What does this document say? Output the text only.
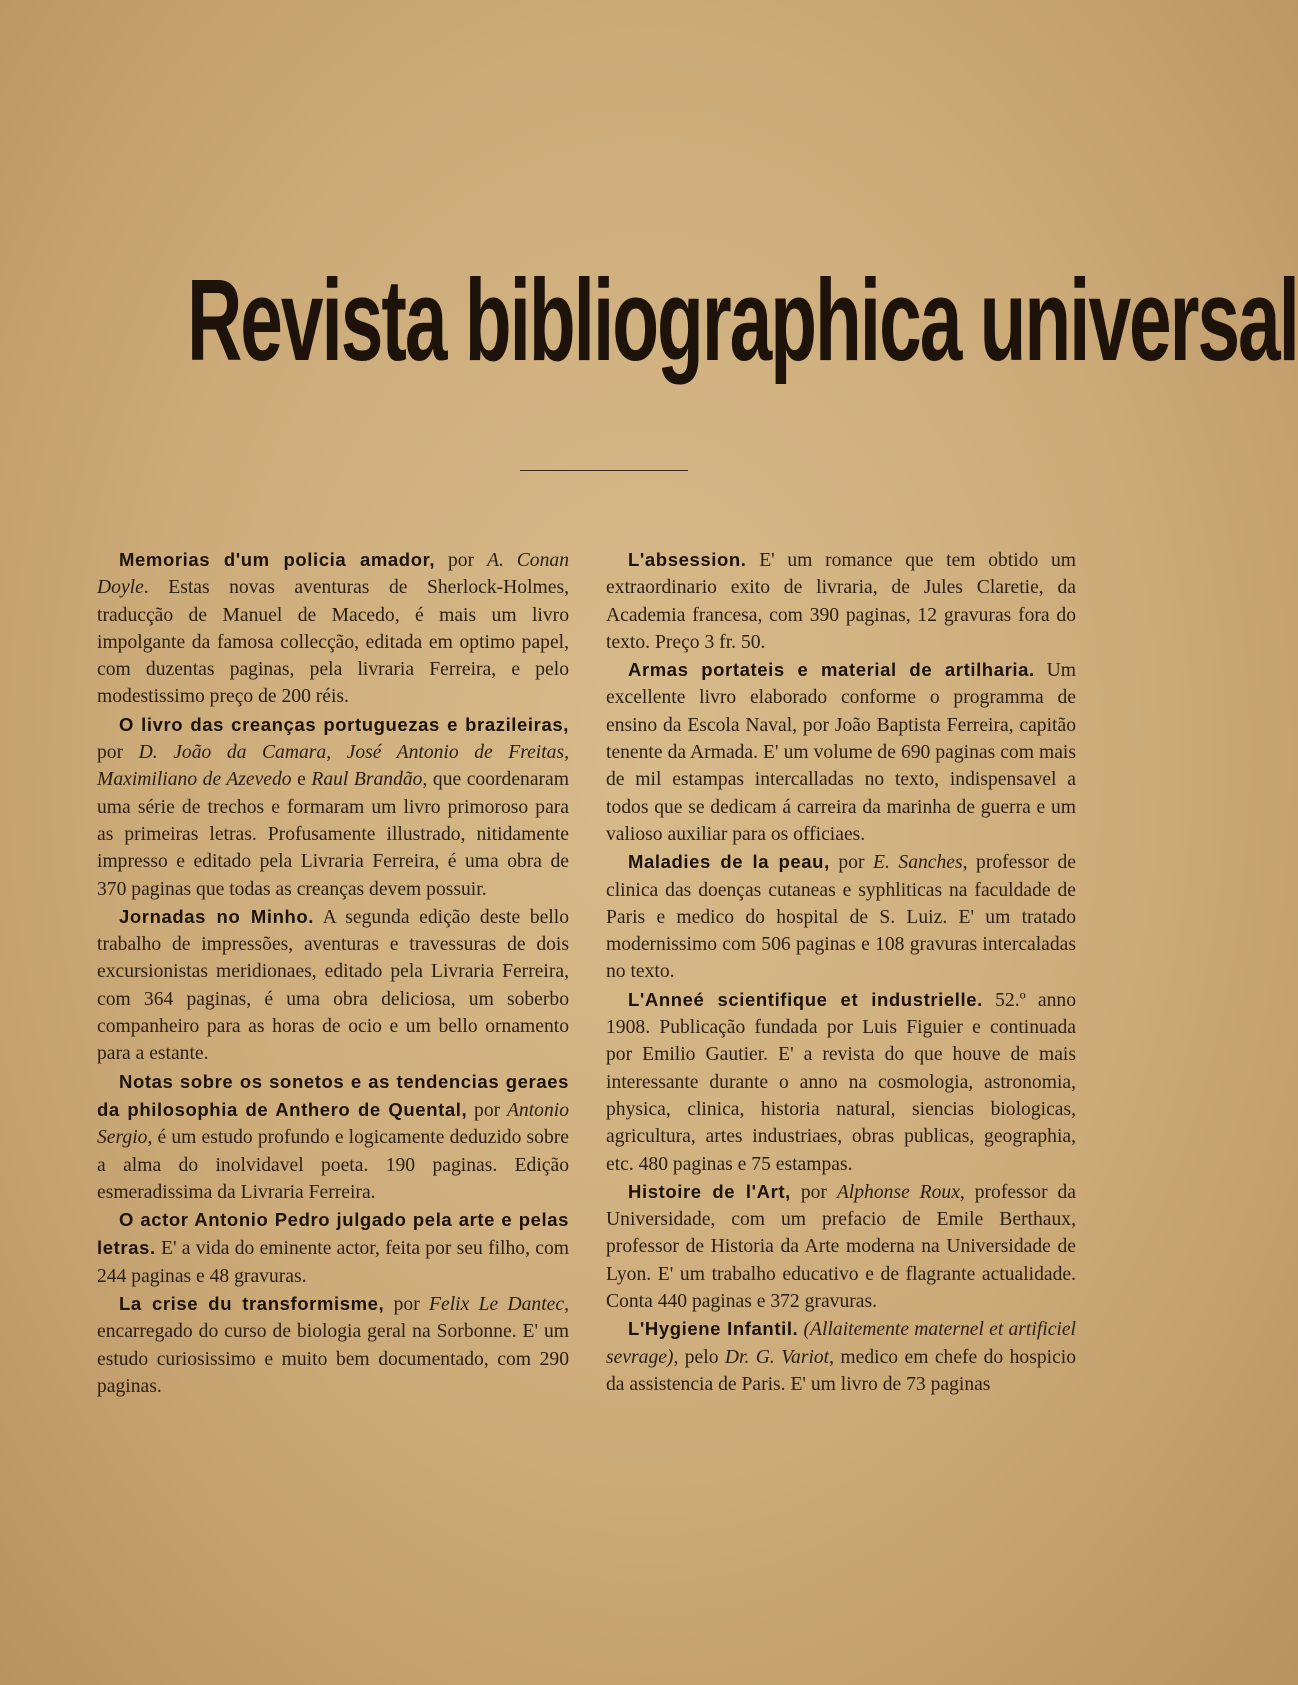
Revista bibliographica universal

Memorias d'um policia amador, por A. Conan Doyle. Estas novas aventuras de Sherlock-Holmes, traducção de Manuel de Macedo, é mais um livro impolgante da famosa collecção, editada em optimo papel, com duzentas paginas, pela livraria Ferreira, e pelo modestissimo preço de 200 réis.

O livro das creanças portuguezas e brazileiras, por D. João da Camara, José Antonio de Freitas, Maximiliano de Azevedo e Raul Brandão, que coordenaram uma série de trechos e formaram um livro primoroso para as primeiras letras. Profusamente illustrado, nitidamente impresso e editado pela Livraria Ferreira, é uma obra de 370 paginas que todas as creanças devem possuir.

Jornadas no Minho. A segunda edição deste bello trabalho de impressões, aventuras e travessuras de dois excursionistas meridionaes, editado pela Livraria Ferreira, com 364 paginas, é uma obra deliciosa, um soberbo companheiro para as horas de ocio e um bello ornamento para a estante.

Notas sobre os sonetos e as tendencias geraes da philosophia de Anthero de Quental, por Antonio Sergio, é um estudo profundo e logicamente deduzido sobre a alma do inolvidavel poeta. 190 paginas. Edição esmeradissima da Livraria Ferreira.

O actor Antonio Pedro julgado pela arte e pelas letras. E' a vida do eminente actor, feita por seu filho, com 244 paginas e 48 gravuras.

La crise du transformisme, por Felix Le Dantec, encarregado do curso de biologia geral na Sorbonne. E' um estudo curiosissimo e muito bem documentado, com 290 paginas.

L'absession. E' um romance que tem obtido um extraordinario exito de livraria, de Jules Claretie, da Academia francesa, com 390 paginas, 12 gravuras fora do texto. Preço 3 fr. 50.

Armas portateis e material de artilharia. Um excellente livro elaborado conforme o programma de ensino da Escola Naval, por João Baptista Ferreira, capitão tenente da Armada. E' um volume de 690 paginas com mais de mil estampas intercalladas no texto, indispensavel a todos que se dedicam á carreira da marinha de guerra e um valioso auxiliar para os officiaes.

Maladies de la peau, por E. Sanches, professor de clinica das doenças cutaneas e syphliticas na faculdade de Paris e medico do hospital de S. Luiz. E' um tratado modernissimo com 506 paginas e 108 gravuras intercaladas no texto.

L'Anneé scientifique et industrielle. 52.º anno 1908. Publicação fundada por Luis Figuier e continuada por Emilio Gautier. E' a revista do que houve de mais interessante durante o anno na cosmologia, astronomia, physica, clinica, historia natural, siencias biologicas, agricultura, artes industriaes, obras publicas, geographia, etc. 480 paginas e 75 estampas.

Histoire de l'Art, por Alphonse Roux, professor da Universidade, com um prefacio de Emile Berthaux, professor de Historia da Arte moderna na Universidade de Lyon. E' um trabalho educativo e de flagrante actualidade. Conta 440 paginas e 372 gravuras.

L'Hygiene Infantil. (Allaitemente maternel et artificiel sevrage), pelo Dr. G. Variot, medico em chefe do hospicio da assistencia de Paris. E' um livro de 73 paginas
